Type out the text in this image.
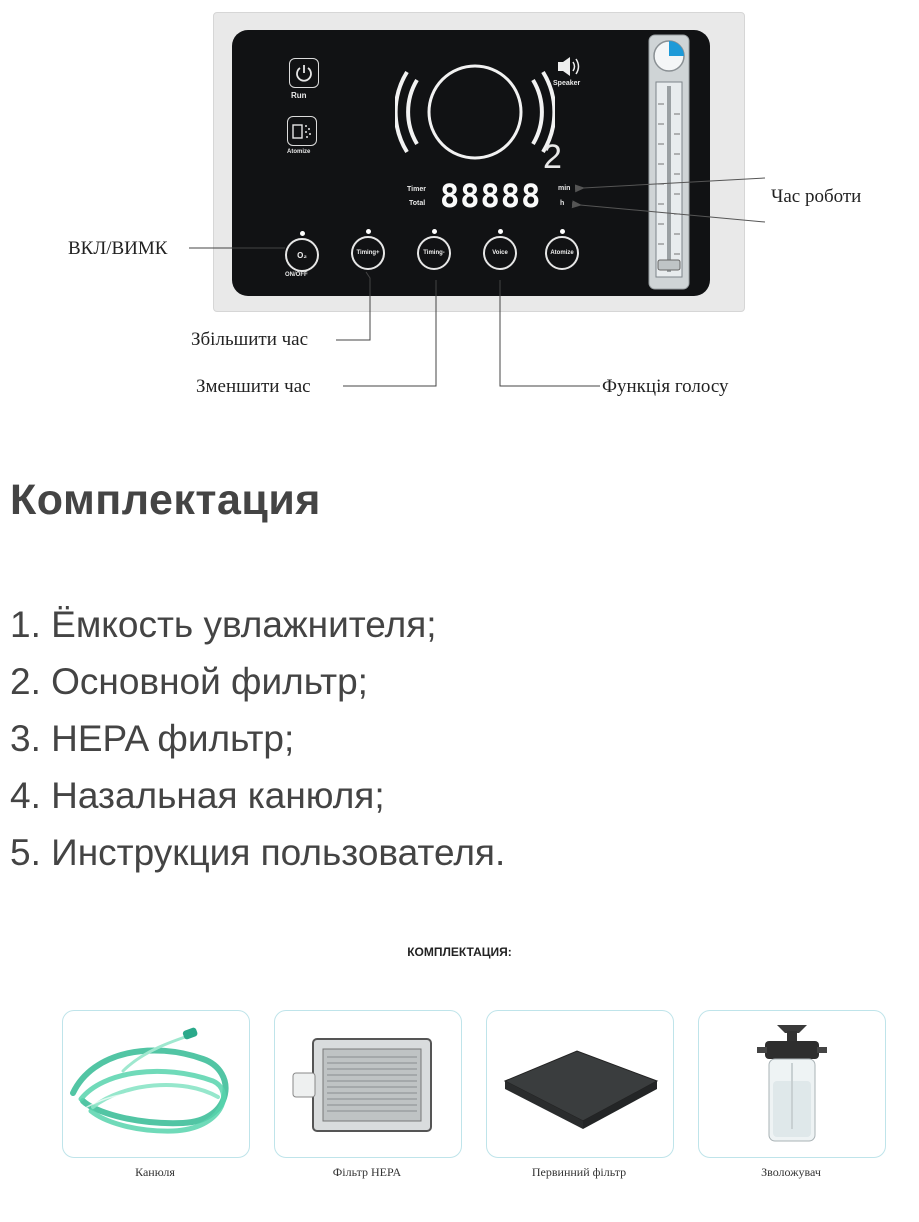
Run
Atomize	2
Speaker
Timer
Total 88888 min
h
O₂
ON/OFF
Timing+	Timing-	Voice	Atomize
ВКЛ/ВИМК
Час роботи
Збільшити час
Зменшити час	Функція голосу
Комплектация
1. Ёмкость увлажнителя;
2. Основной фильтр;
3. HEPA фильтр;
4. Назальная канюля;
5. Инструкция пользователя.
КОМПЛЕКТАЦИЯ:
Канюля	Фільтр HEPA	Первинний фільтр	Зволожувач
